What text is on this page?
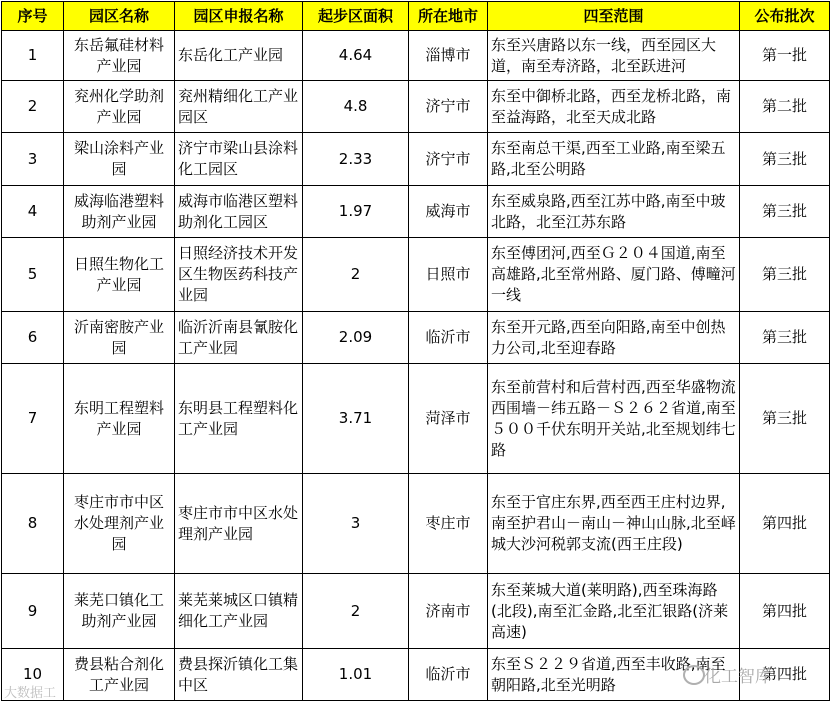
序号	园区名称	园区申报名称	起步区面积	所在地市	四至范围	公布批次
1	东岳氟硅材料产业园	东岳化工产业园	4.64	淄博市	东至兴唐路以东一线，西至园区大道，南至寿济路，北至跃进河	第一批
2	兖州化学助剂产业园	兖州精细化工产业园区	4.8	济宁市	东至中御桥北路，西至龙桥北路，南至益海路，北至天成北路	第二批
3	梁山涂料产业园	济宁市梁山县涂料化工园区	2.33	济宁市	东至南总干渠,西至工业路,南至梁五路,北至公明路	第三批
4	威海临港塑料助剂产业园	威海市临港区塑料助剂化工园区	1.97	威海市	东至威泉路,西至江苏中路,南至中玻北路，北至江苏东路	第三批
5	日照生物化工产业园	日照经济技术开发区生物医药科技产业园	2	日照市	东至傅团河,西至Ｇ２０４国道,南至高雄路,北至常州路、厦门路、傅疃河一线	第三批
6	沂南密胺产业园	临沂沂南县氰胺化工产业园	2.09	临沂市	东至开元路,西至向阳路,南至中创热力公司,北至迎春路	第三批
7	东明工程塑料产业园	东明县工程塑料化工产业园	3.71	菏泽市	东至前营村和后营村西,西至华盛物流西围墙－纬五路－Ｓ２６２省道,南至５００千伏东明开关站,北至规划纬七路	第三批
8	枣庄市市中区水处理剂产业园	枣庄市市中区水处理剂产业园	3	枣庄市	东至于官庄东界,西至西王庄村边界,南至护君山－南山－神山山脉,北至峄城大沙河税郭支流(西王庄段)	第四批
9	莱芜口镇化工助剂产业园	莱芜莱城区口镇精细化工产业园	2	济南市	东至莱城大道(莱明路),西至珠海路(北段),南至汇金路,北至汇银路(济莱高速)	第四批
10	费县粘合剂化工产业园	费县探沂镇化工集中区	1.01	临沂市	东至Ｓ２２９省道,西至丰收路,南至朝阳路,北至光明路	第四批
大数据工
化工智库
